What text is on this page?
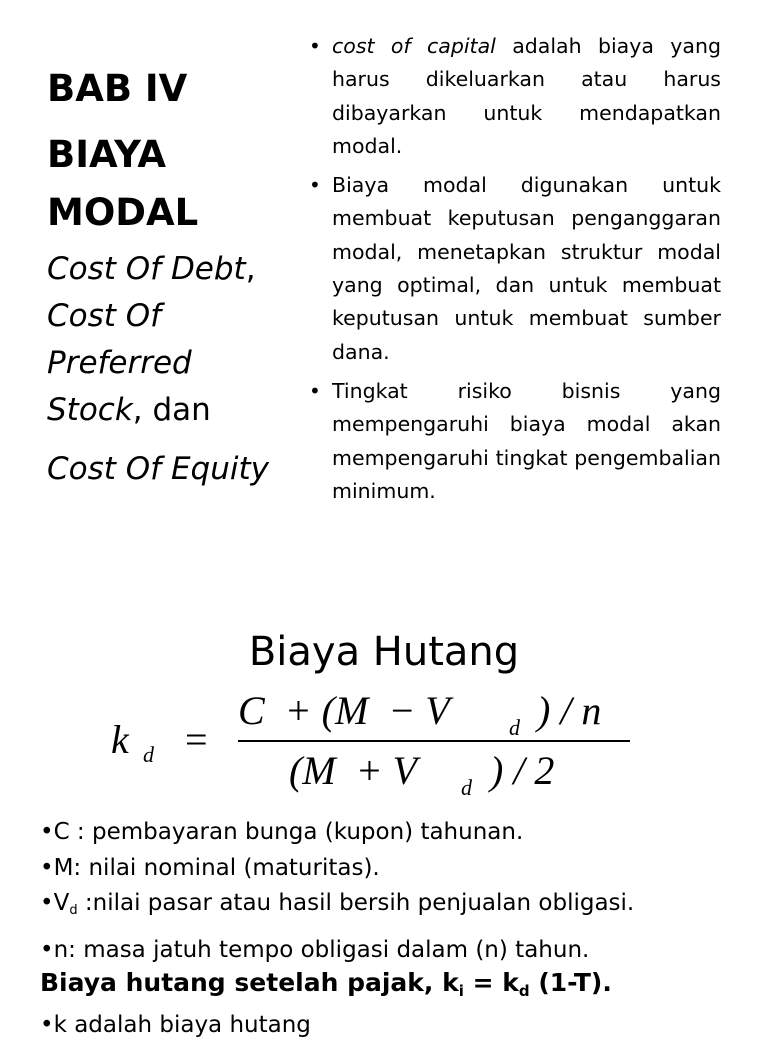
BAB IV
BIAYA
MODAL
Cost Of Debt,
Cost Of
Preferred
Stock, dan
Cost Of Equity
• cost of capital adalah biaya yang harus dikeluarkan atau harus dibayarkan untuk mendapatkan modal.
• Biaya modal digunakan untuk membuat keputusan penganggaran modal, menetapkan struktur modal yang optimal, dan untuk membuat keputusan untuk membuat sumber dana.
• Tingkat risiko bisnis yang mempengaruhi biaya modal akan mempengaruhi tingkat pengembalian minimum.
Biaya Hutang
k d =
C  + (M  − V	d ) / n
(M  + V d ) / 2
•C : pembayaran bunga (kupon) tahunan.
•M: nilai nominal (maturitas).
$•V_d$ :nilai pasar atau hasil bersih penjualan obligasi.
•n: masa jatuh tempo obligasi dalam (n) tahun.
Biaya hutang setelah pajak, $k_i = k_d$ (1-T).
•k adalah biaya hutang
